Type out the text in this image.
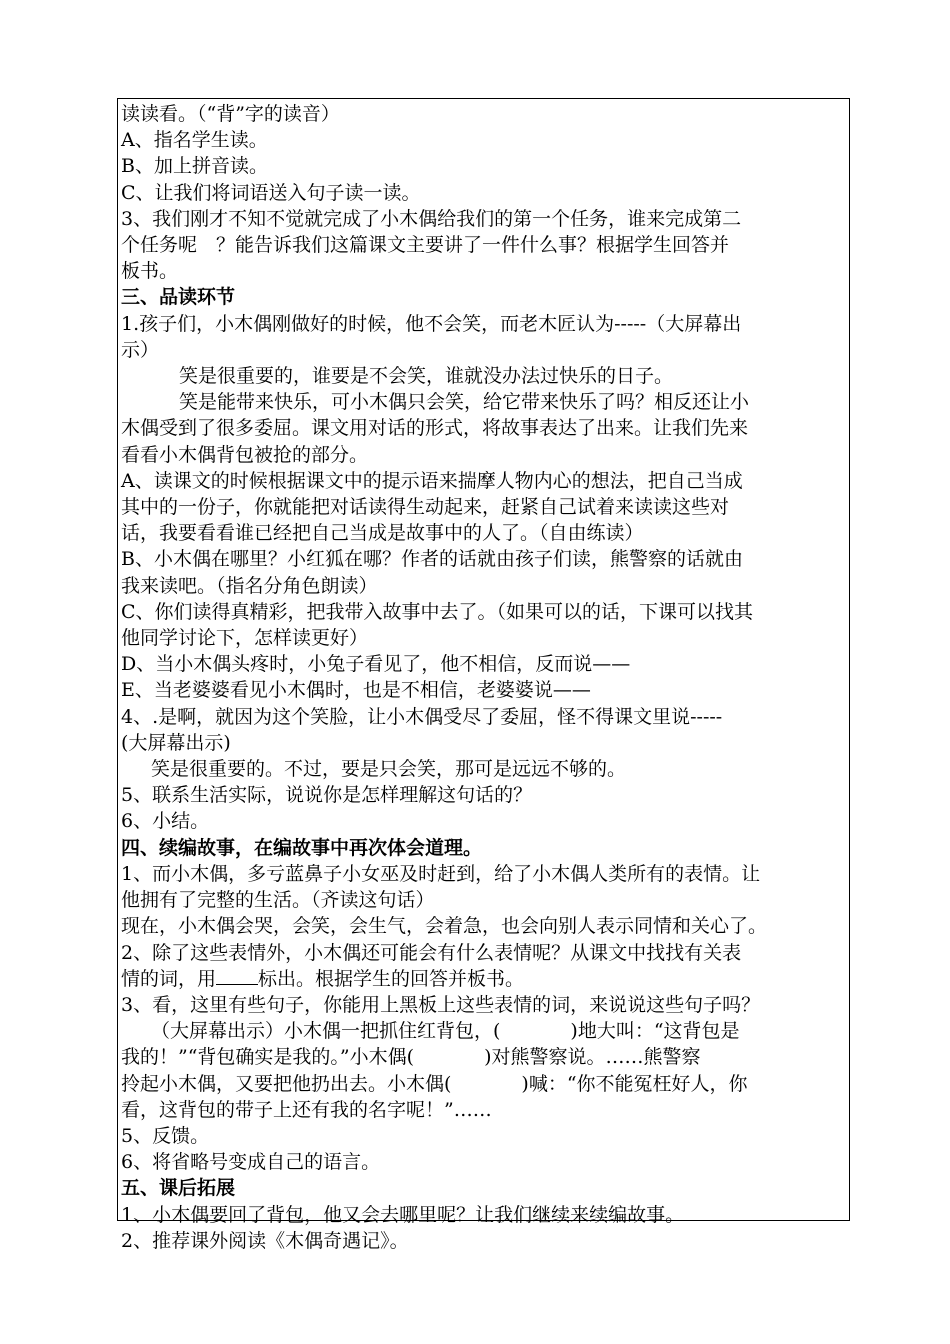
读读看。（“背”字的读音）
A、指名学生读。
B、加上拼音读。
C、让我们将词语送入句子读一读。
3、我们刚才不知不觉就完成了小木偶给我们的第一个任务，谁来完成第二
个任务呢　？能告诉我们这篇课文主要讲了一件什么事？根据学生回答并
板书。
三、品读环节
1.孩子们，小木偶刚做好的时候，他不会笑，而老木匠认为-----（大屏幕出
示）
笑是很重要的，谁要是不会笑，谁就没办法过快乐的日子。
笑是能带来快乐，可小木偶只会笑，给它带来快乐了吗？相反还让小
木偶受到了很多委屈。课文用对话的形式，将故事表达了出来。让我们先来
看看小木偶背包被抢的部分。
A、读课文的时候根据课文中的提示语来揣摩人物内心的想法，把自己当成
其中的一份子，你就能把对话读得生动起来，赶紧自己试着来读读这些对
话，我要看看谁已经把自己当成是故事中的人了。（自由练读）
B、小木偶在哪里？小红狐在哪？作者的话就由孩子们读，熊警察的话就由
我来读吧。（指名分角色朗读）
C、你们读得真精彩，把我带入故事中去了。（如果可以的话，下课可以找其
他同学讨论下，怎样读更好）
D、当小木偶头疼时，小兔子看见了，他不相信，反而说——
E、当老婆婆看见小木偶时，也是不相信，老婆婆说——
4、.是啊，就因为这个笑脸，让小木偶受尽了委屈，怪不得课文里说-----
(大屏幕出示)
笑是很重要的。不过，要是只会笑，那可是远远不够的。
5、联系生活实际，说说你是怎样理解这句话的？
6、小结。
四、续编故事，在编故事中再次体会道理。
1、而小木偶，多亏蓝鼻子小女巫及时赶到，给了小木偶人类所有的表情。让
他拥有了完整的生活。（齐读这句话）
现在，小木偶会哭，会笑，会生气，会着急，也会向别人表示同情和关心了。
2、除了这些表情外，小木偶还可能会有什么表情呢？从课文中找找有关表
情的词，用 标出。根据学生的回答并板书。
3、看，这里有些句子，你能用上黑板上这些表情的词，来说说这些句子吗？
（大屏幕出示）小木偶一把抓住红背包，(	)地大叫：“这背包是
我的！”“背包确实是我的。”小木偶(	)对熊警察说。……熊警察
拎起小木偶，又要把他扔出去。小木偶(	)喊：“你不能冤枉好人，你
看，这背包的带子上还有我的名字呢！”……
5、反馈。
6、将省略号变成自己的语言。
五、课后拓展
1、小木偶要回了背包，他又会去哪里呢？让我们继续来续编故事。
2、推荐课外阅读《木偶奇遇记》。
